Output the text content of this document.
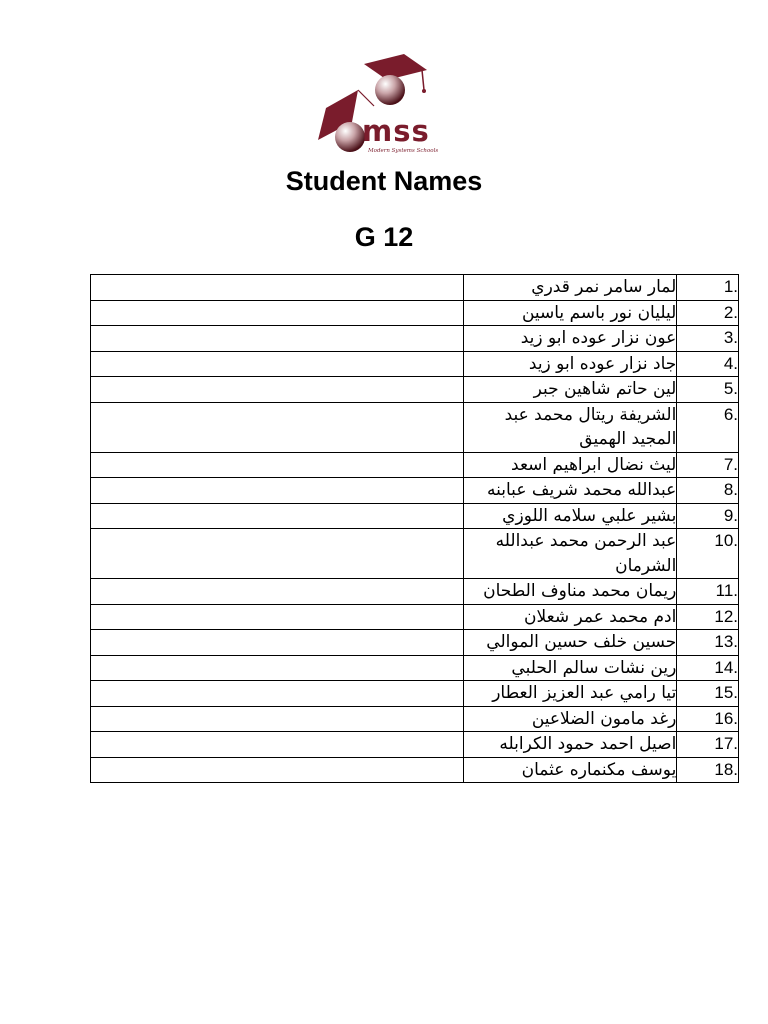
mss
Modern Systems Schools
Student Names
G 12
	لمار سامر نمر قدري	1.
	ليليان نور باسم ياسين	2.
	عون نزار عوده ابو زيد	3.
	جاد نزار عوده ابو زيد	4.
	لين حاتم شاهين جبر	5.
	الشريفة ريتال محمد عبد المجيد الهميق	6.
	ليث نضال ابراهيم اسعد	7.
	عبدالله محمد شريف عبابنه	8.
	بشير علبي سلامه اللوزي	9.
	عبد الرحمن محمد عبدالله الشرمان	10.
	ريمان محمد مناوف الطحان	11.
	ادم محمد عمر شعلان	12.
	حسين خلف حسين الموالي	13.
	رين نشات سالم الحلبي	14.
	تيا رامي عبد العزيز العطار	15.
	رغد مامون الضلاعين	16.
	اصيل احمد حمود الكرابله	17.
	يوسف مكنماره عثمان	18.
